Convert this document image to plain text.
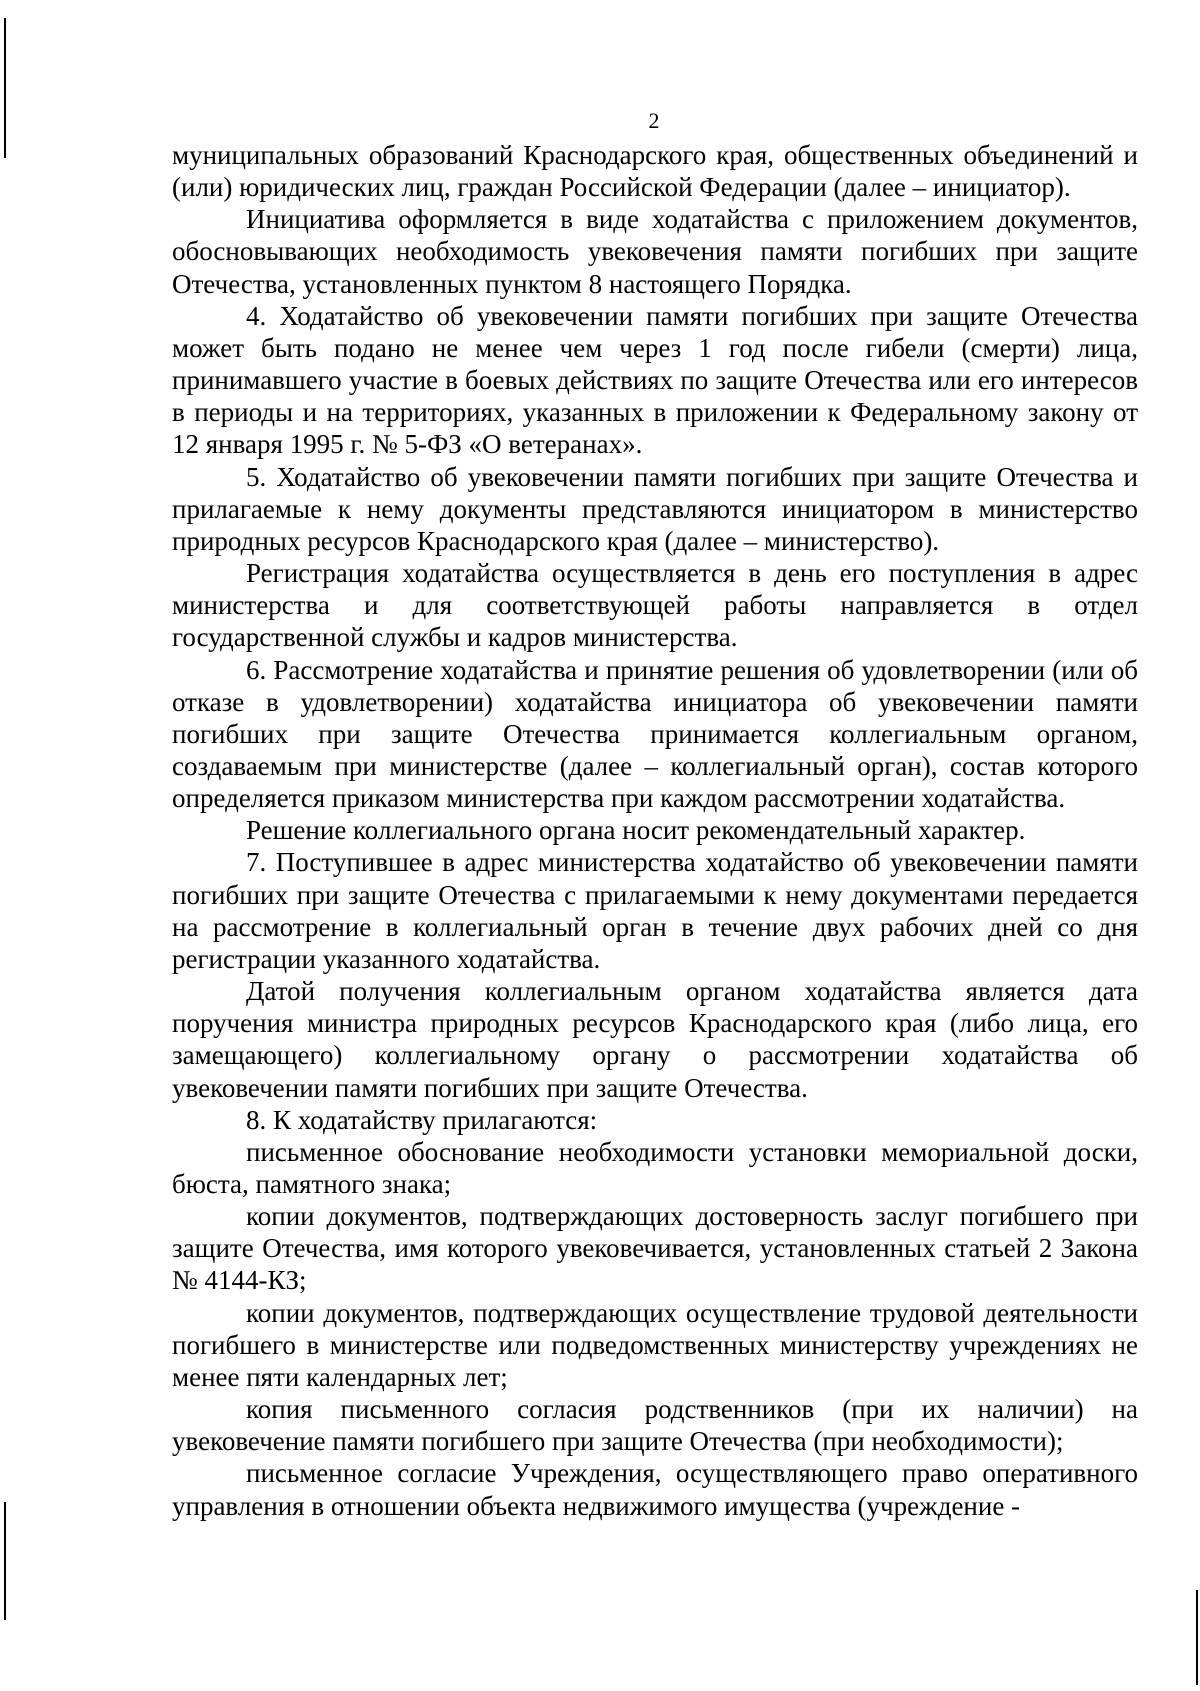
2

муниципальных образований Краснодарского края, общественных объединений и (или) юридических лиц, граждан Российской Федерации (далее – инициатор).

Инициатива оформляется в виде ходатайства с приложением документов, обосновывающих необходимость увековечения памяти погибших при защите Отечества, установленных пунктом 8 настоящего Порядка.

4. Ходатайство об увековечении памяти погибших при защите Отечества может быть подано не менее чем через 1 год после гибели (смерти) лица, принимавшего участие в боевых действиях по защите Отечества или его интересов в периоды и на территориях, указанных в приложении к Федеральному закону от 12 января 1995 г. № 5-ФЗ «О ветеранах».

5. Ходатайство об увековечении памяти погибших при защите Отечества и прилагаемые к нему документы представляются инициатором в министерство природных ресурсов Краснодарского края (далее – министерство).

Регистрация ходатайства осуществляется в день его поступления в адрес министерства и для соответствующей работы направляется в отдел государственной службы и кадров министерства.

6. Рассмотрение ходатайства и принятие решения об удовлетворении (или об отказе в удовлетворении) ходатайства инициатора об увековечении памяти погибших при защите Отечества принимается коллегиальным органом, создаваемым при министерстве (далее – коллегиальный орган), состав которого определяется приказом министерства при каждом рассмотрении ходатайства.

Решение коллегиального органа носит рекомендательный характер.

7. Поступившее в адрес министерства ходатайство об увековечении памяти погибших при защите Отечества с прилагаемыми к нему документами передается на рассмотрение в коллегиальный орган в течение двух рабочих дней со дня регистрации указанного ходатайства.

Датой получения коллегиальным органом ходатайства является дата поручения министра природных ресурсов Краснодарского края (либо лица, его замещающего) коллегиальному органу о рассмотрении ходатайства об увековечении памяти погибших при защите Отечества.

8. К ходатайству прилагаются:

письменное обоснование необходимости установки мемориальной доски, бюста, памятного знака;

копии документов, подтверждающих достоверность заслуг погибшего при защите Отечества, имя которого увековечивается, установленных статьей 2 Закона № 4144-КЗ;

копии документов, подтверждающих осуществление трудовой деятельности погибшего в министерстве или подведомственных министерству учреждениях не менее пяти календарных лет;

копия письменного согласия родственников (при их наличии) на увековечение памяти погибшего при защите Отечества (при необходимости);

письменное согласие Учреждения, осуществляющего право оперативного управления в отношении объекта недвижимого имущества (учреждение -
